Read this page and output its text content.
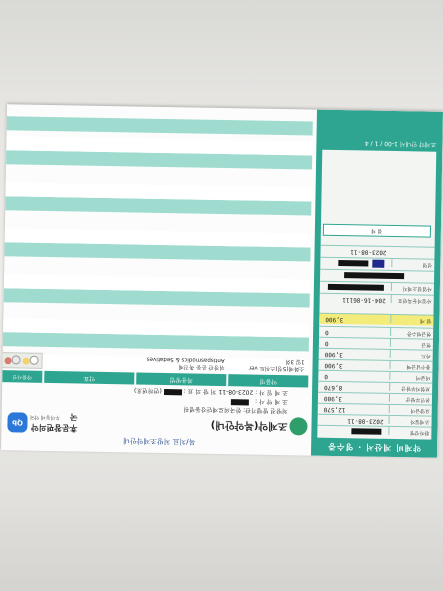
약제비 계산서 · 영수증
환자성명
조제일자
2023-08-11
요양급여
12,570
본인부담금
3,900
보험자부담금
8,670
비급여
0
총수납금액
3,900
카드
3,900
현금
0
현금영수증
0
합 계
3,900
사업자등록번호
204-16-86111
사업장소재지
성명
2023-08-11
결 제
조제약 안내서 1-00 / 1 / 4
복/치료 처방조제약안내
조제약(복약안내)
Qb
후문참편의약국
우리동네 약국
처방전 발행기관: 한국의료재단강동병원
조 제 약 사 :
조 제 일 자 : 2023-08-11 처 방 의 료 :  (면허번호)
약품명
복용방법
약효
약품사진
소화제(5정)스위트 ver
1일 3회
위장관 운동 촉진제
Antispasmodics & Sedatives
